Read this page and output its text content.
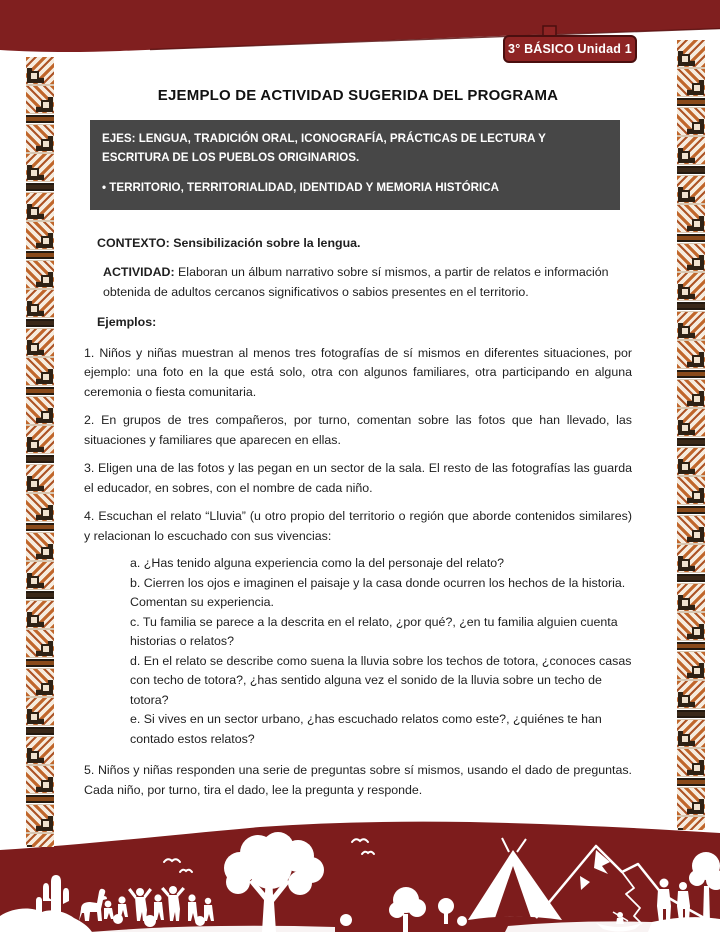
3° BÁSICO Unidad 1
EJEMPLO DE ACTIVIDAD SUGERIDA DEL PROGRAMA

EJES: LENGUA, TRADICIÓN ORAL, ICONOGRAFÍA, PRÁCTICAS DE LECTURA Y ESCRITURA DE LOS PUEBLOS ORIGINARIOS.

• TERRITORIO, TERRITORIALIDAD, IDENTIDAD Y MEMORIA HISTÓRICA

CONTEXTO: Sensibilización sobre la lengua.

ACTIVIDAD: Elaboran un álbum narrativo sobre sí mismos, a partir de relatos e información obtenida de adultos cercanos significativos o sabios presentes en el territorio.

Ejemplos:

1. Niños y niñas muestran al menos tres fotografías de sí mismos en diferentes situaciones, por ejemplo: una foto en la que está solo, otra con algunos familiares, otra participando en alguna ceremonia o fiesta comunitaria.

2. En grupos de tres compañeros, por turno, comentan sobre las fotos que han llevado, las situaciones y familiares que aparecen en ellas.

3. Eligen una de las fotos y las pegan en un sector de la sala. El resto de las fotografías las guarda el educador, en sobres, con el nombre de cada niño.

4. Escuchan el relato “Lluvia” (u otro propio del territorio o región que aborde contenidos similares) y relacionan lo escuchado con sus vivencias:

a. ¿Has tenido alguna experiencia como la del personaje del relato?

b. Cierren los ojos e imaginen el paisaje y la casa donde ocurren los hechos de la historia. Comentan su experiencia.

c. Tu familia se parece a la descrita en el relato, ¿por qué?, ¿en tu familia alguien cuenta historias o relatos?

d. En el relato se describe como suena la lluvia sobre los techos de totora, ¿conoces casas con techo de totora?, ¿has sentido alguna vez el sonido de la lluvia sobre un techo de totora?

e. Si vives en un sector urbano, ¿has escuchado relatos como este?, ¿quiénes te han contado estos relatos?

5. Niños y niñas responden una serie de preguntas sobre sí mismos, usando el dado de preguntas. Cada niño, por turno, tira el dado, lee la pregunta y responde.
